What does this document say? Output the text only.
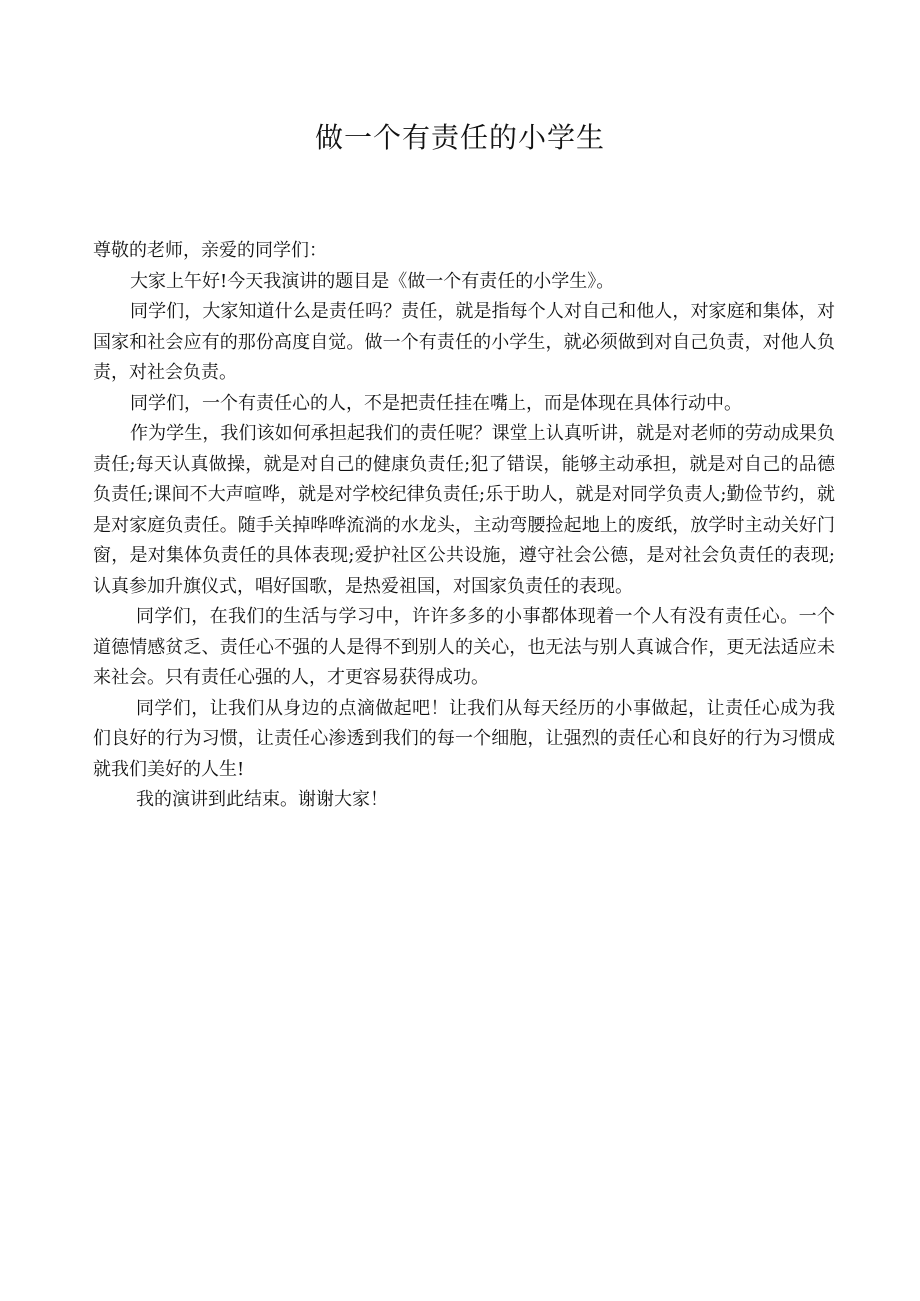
做一个有责任的小学生

尊敬的老师，亲爱的同学们：

大家上午好!今天我演讲的题目是《做一个有责任的小学生》。

同学们，大家知道什么是责任吗？责任，就是指每个人对自己和他人，对家庭和集体，对国家和社会应有的那份高度自觉。做一个有责任的小学生，就必须做到对自己负责，对他人负责，对社会负责。

同学们，一个有责任心的人，不是把责任挂在嘴上，而是体现在具体行动中。

作为学生，我们该如何承担起我们的责任呢？课堂上认真听讲，就是对老师的劳动成果负责任;每天认真做操，就是对自己的健康负责任;犯了错误，能够主动承担，就是对自己的品德负责任;课间不大声喧哗，就是对学校纪律负责任;乐于助人，就是对同学负责人;勤俭节约，就是对家庭负责任。随手关掉哗哗流淌的水龙头，主动弯腰捡起地上的废纸，放学时主动关好门窗，是对集体负责任的具体表现;爱护社区公共设施，遵守社会公德，是对社会负责任的表现;认真参加升旗仪式，唱好国歌，是热爱祖国，对国家负责任的表现。

同学们，在我们的生活与学习中，许许多多的小事都体现着一个人有没有责任心。一个道德情感贫乏、责任心不强的人是得不到别人的关心，也无法与别人真诚合作，更无法适应未来社会。只有责任心强的人，才更容易获得成功。

同学们，让我们从身边的点滴做起吧！让我们从每天经历的小事做起，让责任心成为我们良好的行为习惯，让责任心渗透到我们的每一个细胞，让强烈的责任心和良好的行为习惯成就我们美好的人生!

我的演讲到此结束。谢谢大家！
